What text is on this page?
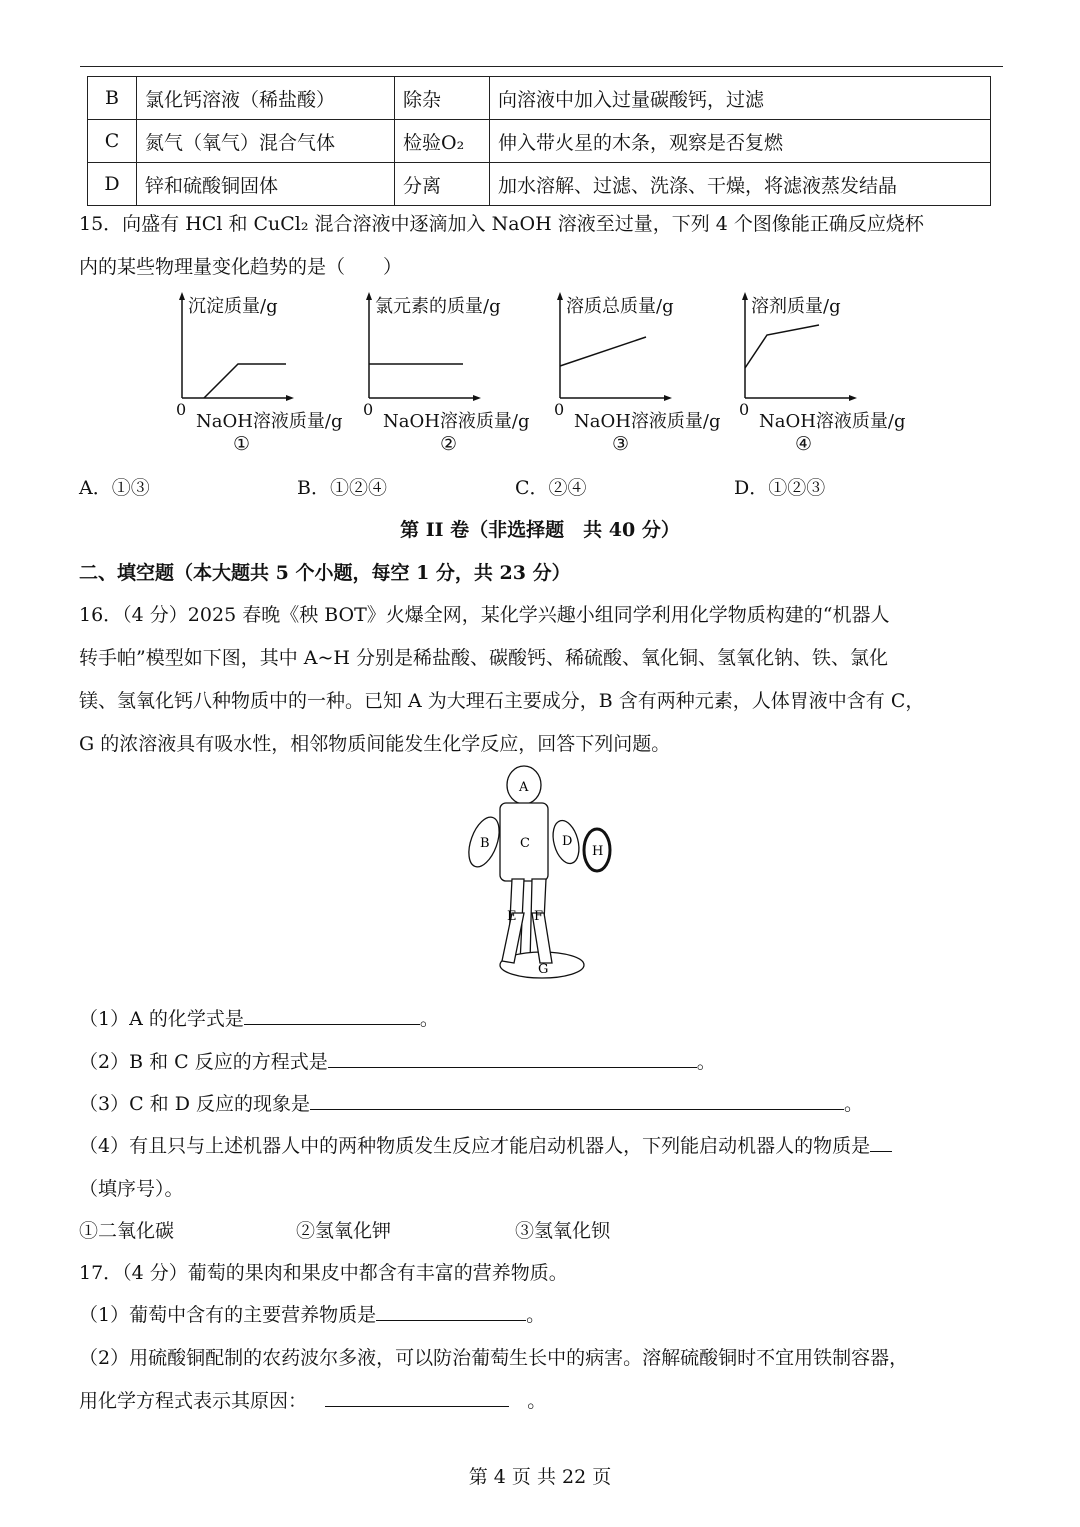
B	氯化钙溶液（稀盐酸）	除杂	向溶液中加入过量碳酸钙，过滤
C	氮气（氧气）混合气体	检验O₂	伸入带火星的木条，观察是否复燃
D	锌和硫酸铜固体	分离	加水溶解、过滤、洗涤、干燥，将滤液蒸发结晶
15．向盛有 HCl 和 CuCl₂ 混合溶液中逐滴加入 NaOH 溶液至过量，下列 4 个图像能正确反应烧杯
内的某些物理量变化趋势的是（　　）
沉淀质量/g
0
NaOH溶液质量/g
①
氯元素的质量/g
0
NaOH溶液质量/g
②
溶质总质量/g
0
NaOH溶液质量/g
③
溶剂质量/g
0
NaOH溶液质量/g
④
A．①③	B．①②④	C．②④	D．①②③
第 II 卷（非选择题　共 40 分）
二、填空题（本大题共 5 个小题，每空 1 分，共 23 分）
16．（4 分）2025 春晚《秧 BOT》火爆全网，某化学兴趣小组同学利用化学物质构建的“机器人
转手帕”模型如下图，其中 A~H 分别是稀盐酸、碳酸钙、稀硫酸、氧化铜、氢氧化钠、铁、氯化
镁、氢氧化钙八种物质中的一种。已知 A 为大理石主要成分，B 含有两种元素，人体胃液中含有 C，
G 的浓溶液具有吸水性，相邻物质间能发生化学反应，回答下列问题。
A
B C D
H
E F
G
（1）A 的化学式是	。
（2）B 和 C 反应的方程式是	。
（3）C 和 D 反应的现象是	。
（4）有且只与上述机器人中的两种物质发生反应才能启动机器人，下列能启动机器人的物质是
（填序号）。
①二氧化碳	②氢氧化钾	③氢氧化钡
17．（4 分）葡萄的果肉和果皮中都含有丰富的营养物质。
（1）葡萄中含有的主要营养物质是	。
（2）用硫酸铜配制的农药波尔多液，可以防治葡萄生长中的病害。溶解硫酸铜时不宜用铁制容器，
用化学方程式表示其原因：	。
第 4 页 共 22 页
